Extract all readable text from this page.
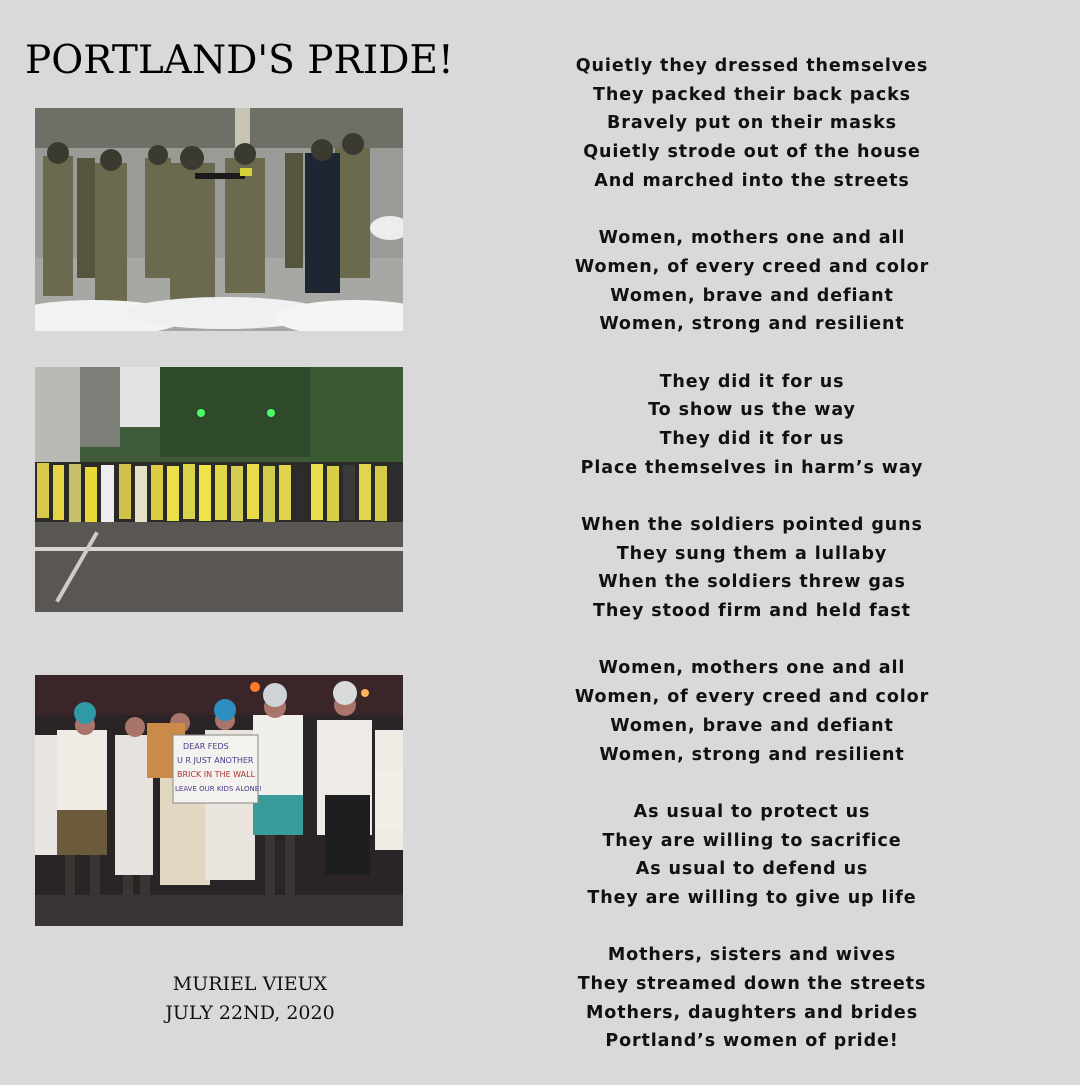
PORTLAND'S PRIDE!
DEAR FEDS
U R JUST ANOTHER
BRICK IN THE WALL
LEAVE OUR KIDS ALONE!
MURIEL VIEUX
JULY 22ND, 2020
Quietly they dressed themselves
They packed their back packs
Bravely put on their masks
Quietly strode out of the house
And marched into the streets
Women, mothers one and all
Women, of every creed and color
Women, brave and defiant
Women, strong and resilient
They did it for us
To show us the way
They did it for us
Place themselves in harm’s way
When the soldiers pointed guns
They sung them a lullaby
When the soldiers threw gas
They stood firm and held fast
Women, mothers one and all
Women, of every creed and color
Women, brave and defiant
Women, strong and resilient
As usual to protect us
They are willing to sacrifice
As usual to defend us
They are willing to give up life
Mothers, sisters and wives
They streamed down the streets
Mothers, daughters and brides
Portland’s women of pride!
